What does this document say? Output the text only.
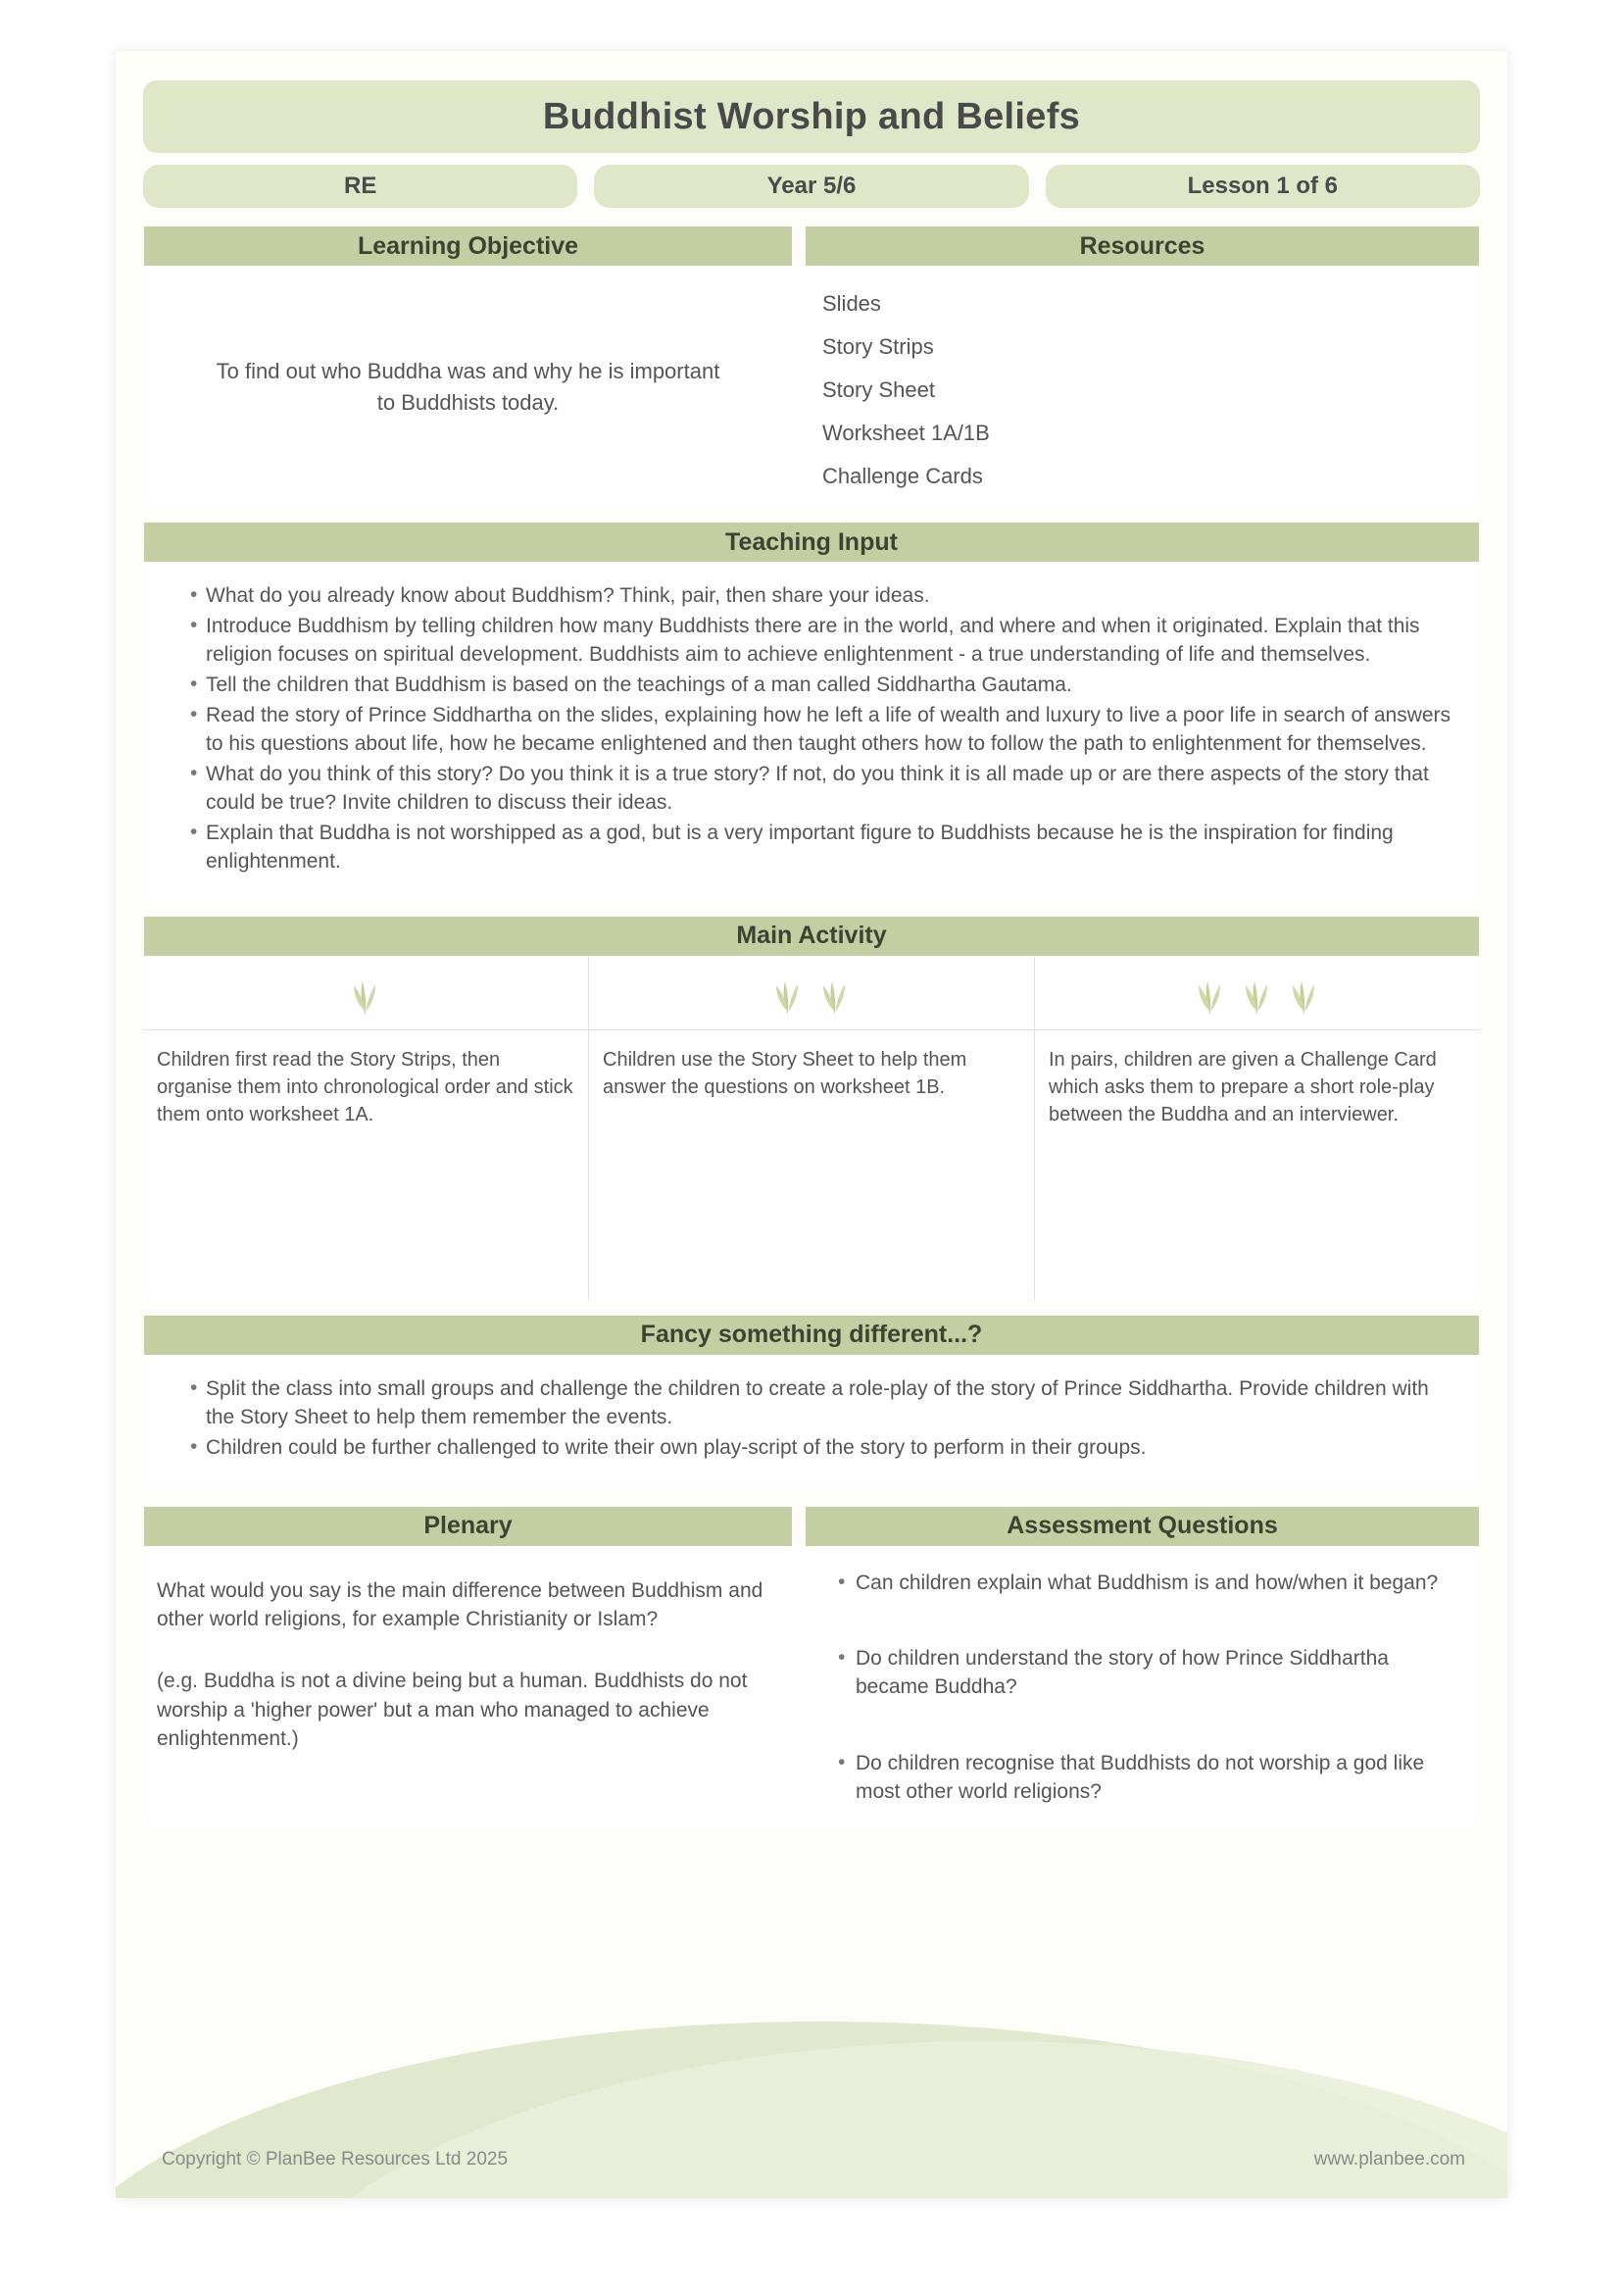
Buddhist Worship and Beliefs
RE	Year 5/6	Lesson 1 of 6
Learning Objective	Resources
To find out who Buddha was and why he is important to Buddhists today.
Slides
Story Strips
Story Sheet
Worksheet 1A/1B
Challenge Cards
Teaching Input
• What do you already know about Buddhism? Think, pair, then share your ideas.
• Introduce Buddhism by telling children how many Buddhists there are in the world, and where and when it originated. Explain that this religion focuses on spiritual development. Buddhists aim to achieve enlightenment - a true understanding of life and themselves.
• Tell the children that Buddhism is based on the teachings of a man called Siddhartha Gautama.
• Read the story of Prince Siddhartha on the slides, explaining how he left a life of wealth and luxury to live a poor life in search of answers to his questions about life, how he became enlightened and then taught others how to follow the path to enlightenment for themselves.
• What do you think of this story? Do you think it is a true story? If not, do you think it is all made up or are there aspects of the story that could be true? Invite children to discuss their ideas.
• Explain that Buddha is not worshipped as a god, but is a very important figure to Buddhists because he is the inspiration for finding enlightenment.
Main Activity
Children first read the Story Strips, then organise them into chronological order and stick them onto worksheet 1A.
Children use the Story Sheet to help them answer the questions on worksheet 1B.
In pairs, children are given a Challenge Card which asks them to prepare a short role-play between the Buddha and an interviewer.
Fancy something different...?
• Split the class into small groups and challenge the children to create a role-play of the story of Prince Siddhartha. Provide children with the Story Sheet to help them remember the events.
• Children could be further challenged to write their own play-script of the story to perform in their groups.
Plenary	Assessment Questions

What would you say is the main difference between Buddhism and other world religions, for example Christianity or Islam?

(e.g. Buddha is not a divine being but a human. Buddhists do not worship a 'higher power' but a man who managed to achieve enlightenment.)

• Can children explain what Buddhism is and how/when it began?
• Do children understand the story of how Prince Siddhartha became Buddha?
• Do children recognise that Buddhists do not worship a god like most other world religions?
Copyright © PlanBee Resources Ltd 2025	www.planbee.com
